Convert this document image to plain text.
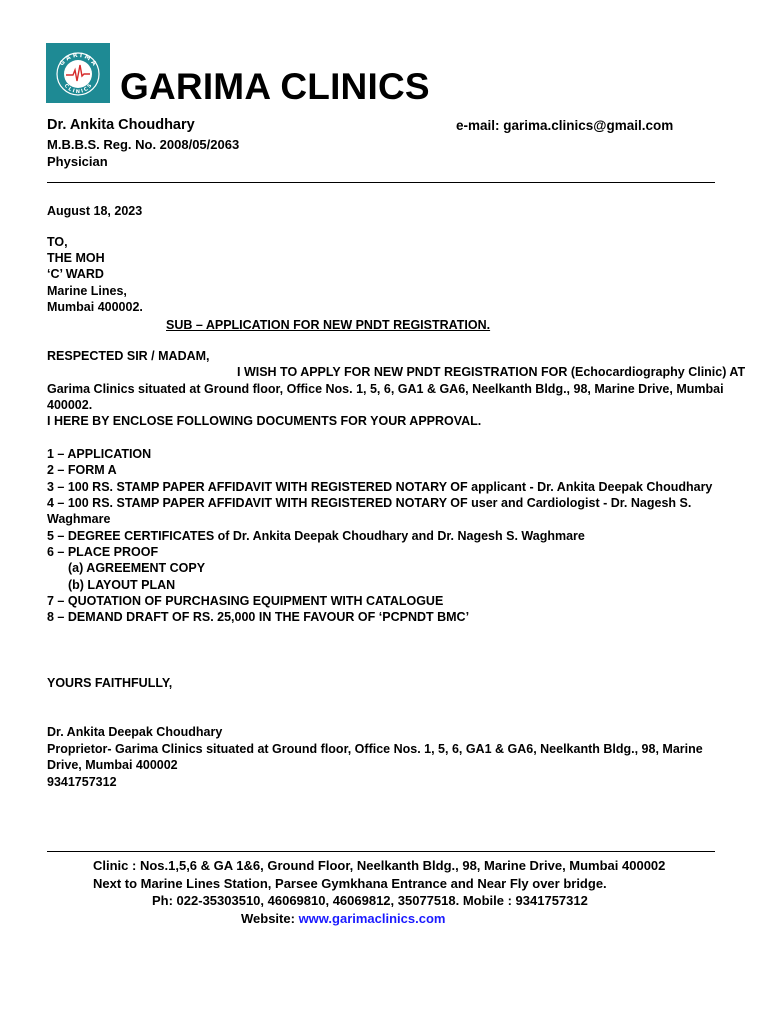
G A R I M A
C L I N I C S GARIMA CLINICS
Dr. Ankita Choudhary	e-mail: garima.clinics@gmail.com
M.B.B.S. Reg. No. 2008/05/2063
Physician
August 18, 2023
TO,
THE MOH
‘C’ WARD
Marine Lines,
Mumbai 400002.
SUB – APPLICATION FOR NEW PNDT REGISTRATION.
RESPECTED SIR / MADAM,
I WISH TO APPLY FOR NEW PNDT REGISTRATION FOR (Echocardiography Clinic) AT
Garima Clinics situated at Ground floor, Office Nos. 1, 5, 6, GA1 & GA6, Neelkanth Bldg., 98, Marine Drive, Mumbai
400002.
I HERE BY ENCLOSE FOLLOWING DOCUMENTS FOR YOUR APPROVAL.
1 – APPLICATION
2 – FORM A
3 – 100 RS. STAMP PAPER AFFIDAVIT WITH REGISTERED NOTARY OF applicant - Dr. Ankita Deepak Choudhary
4 – 100 RS. STAMP PAPER AFFIDAVIT WITH REGISTERED NOTARY OF user and Cardiologist - Dr. Nagesh S.
Waghmare
5 – DEGREE CERTIFICATES of Dr. Ankita Deepak Choudhary and Dr. Nagesh S. Waghmare
6 – PLACE PROOF
(a) AGREEMENT COPY
(b) LAYOUT PLAN
7 – QUOTATION OF PURCHASING EQUIPMENT WITH CATALOGUE
8 – DEMAND DRAFT OF RS. 25,000 IN THE FAVOUR OF ‘PCPNDT BMC’
YOURS FAITHFULLY,
Dr. Ankita Deepak Choudhary
Proprietor- Garima Clinics situated at Ground floor, Office Nos. 1, 5, 6, GA1 & GA6, Neelkanth Bldg., 98, Marine
Drive, Mumbai 400002
9341757312
Clinic : Nos.1,5,6 & GA 1&6, Ground Floor, Neelkanth Bldg., 98, Marine Drive, Mumbai 400002
Next to Marine Lines Station, Parsee Gymkhana Entrance and Near Fly over bridge.
Ph: 022-35303510, 46069810, 46069812, 35077518. Mobile : 9341757312
Website: www.garimaclinics.com
